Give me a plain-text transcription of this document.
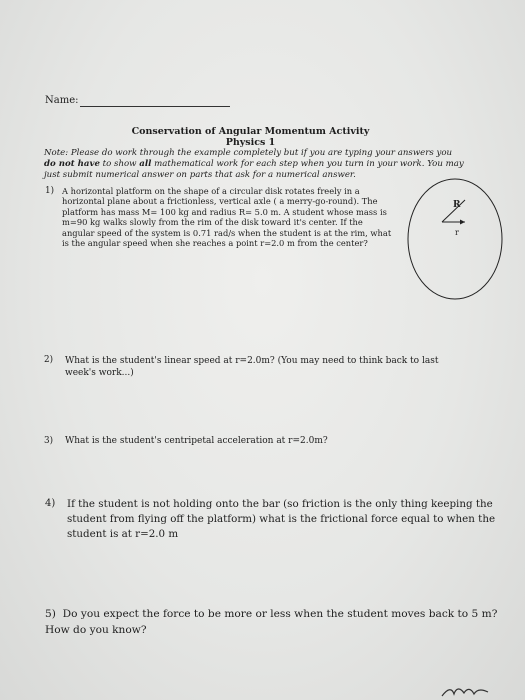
Name:
Conservation of Angular Momentum Activity
Physics 1
Note: Please do work through the example completely but if you are typing your answers you do not have to show all mathematical work for each step when you turn in your work. You may just submit numerical answer on parts that ask for a numerical answer.
1) A horizontal platform on the shape of a circular disk rotates freely in a horizontal plane about a frictionless, vertical axle ( a merry-go-round). The platform has mass M= 100 kg and radius R= 5.0 m. A student whose mass is m=90 kg walks slowly from the rim of the disk toward it's center. If the angular speed of the system is 0.71 rad/s when the student is at the rim, what is the angular speed when she reaches a point r=2.0 m from the center?
R
r
2) What is the student's linear speed at r=2.0m? (You may need to think back to last week's work...)
3) What is the student's centripetal acceleration at r=2.0m?
4) If the student is not holding onto the bar (so friction is the only thing keeping the student from flying off the platform) what is the frictional force equal to when the student is at r=2.0 m
5) Do you expect the force to be more or less when the student moves back to 5 m? How do you know?
